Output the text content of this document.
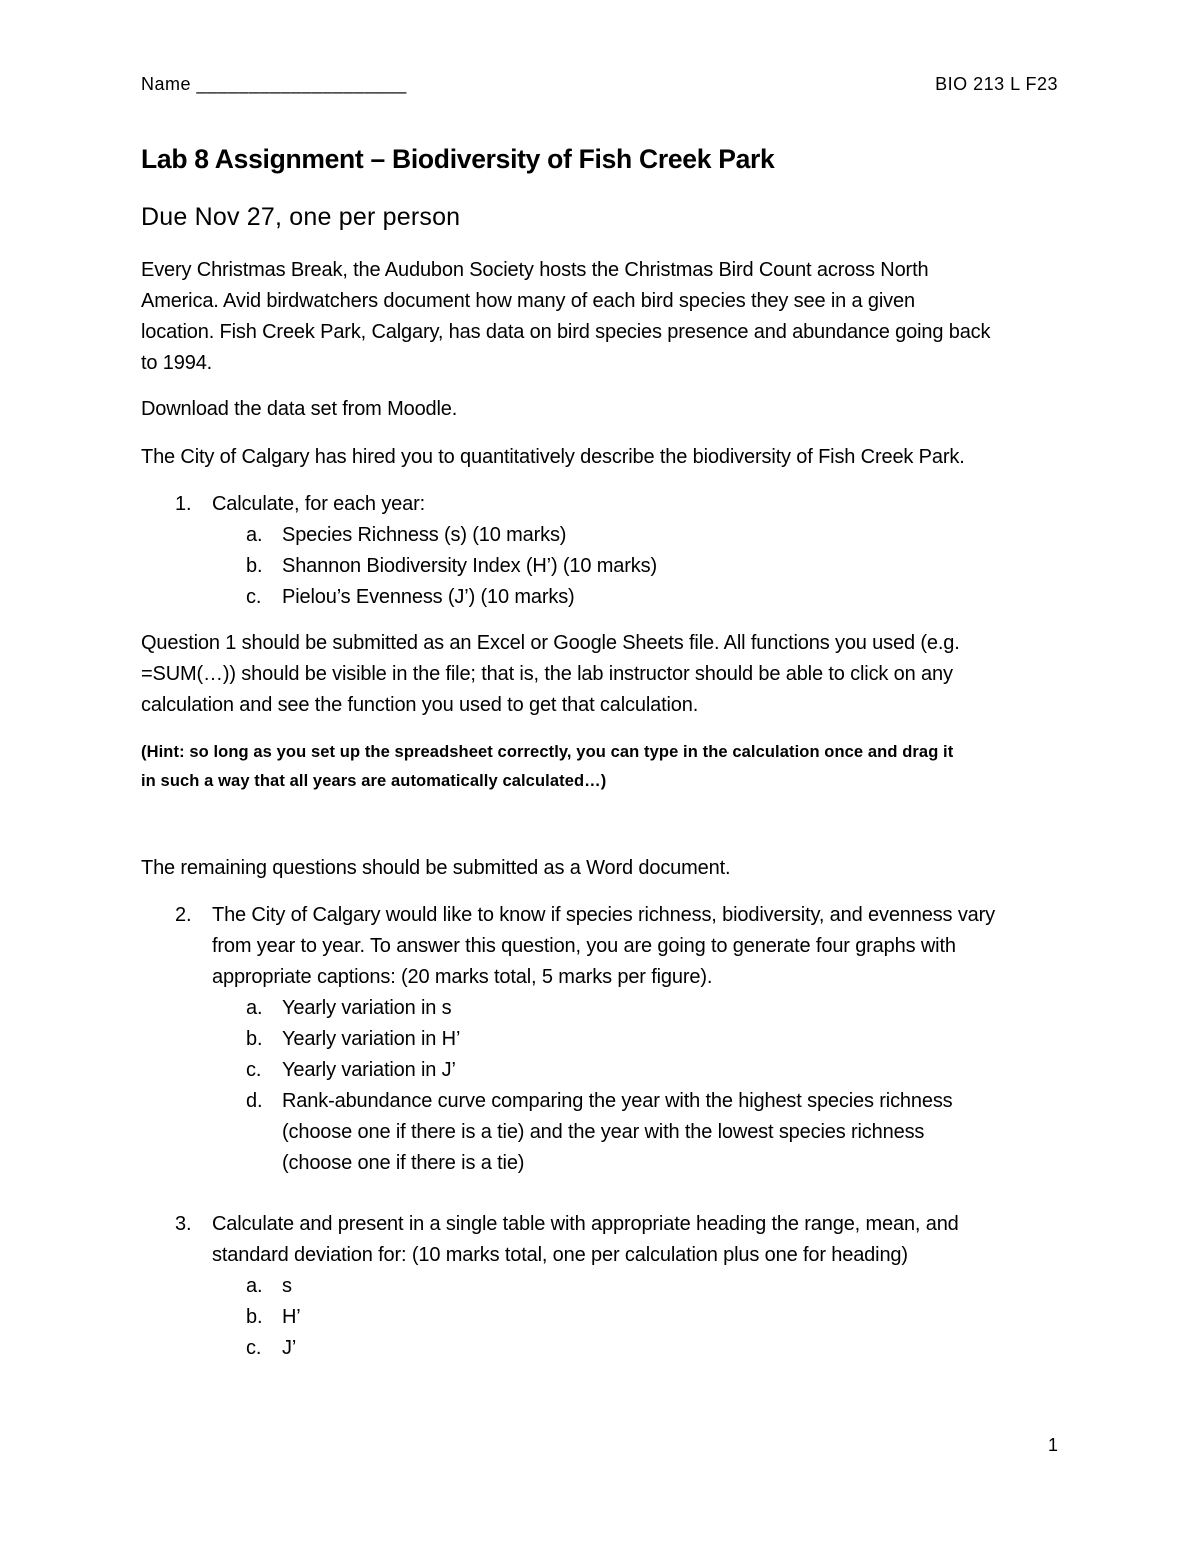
Name ____________________	BIO 213 L F23
Lab 8 Assignment – Biodiversity of Fish Creek Park
Due Nov 27, one per person
Every Christmas Break, the Audubon Society hosts the Christmas Bird Count across North
America. Avid birdwatchers document how many of each bird species they see in a given
location. Fish Creek Park, Calgary, has data on bird species presence and abundance going back
to 1994.
Download the data set from Moodle.
The City of Calgary has hired you to quantitatively describe the biodiversity of Fish Creek Park.
1. Calculate, for each year:
a. Species Richness (s) (10 marks)
b. Shannon Biodiversity Index (H’) (10 marks)
c. Pielou’s Evenness (J’) (10 marks)
Question 1 should be submitted as an Excel or Google Sheets file. All functions you used (e.g.
=SUM(…)) should be visible in the file; that is, the lab instructor should be able to click on any
calculation and see the function you used to get that calculation.
(Hint: so long as you set up the spreadsheet correctly, you can type in the calculation once and drag it
in such a way that all years are automatically calculated…)
The remaining questions should be submitted as a Word document.
2. The City of Calgary would like to know if species richness, biodiversity, and evenness vary
from year to year. To answer this question, you are going to generate four graphs with
appropriate captions: (20 marks total, 5 marks per figure).
a. Yearly variation in s
b. Yearly variation in H’
c. Yearly variation in J’
d. Rank-abundance curve comparing the year with the highest species richness
(choose one if there is a tie) and the year with the lowest species richness
(choose one if there is a tie)
3. Calculate and present in a single table with appropriate heading the range, mean, and
standard deviation for: (10 marks total, one per calculation plus one for heading)
a. s
b. H’
c. J’
1
